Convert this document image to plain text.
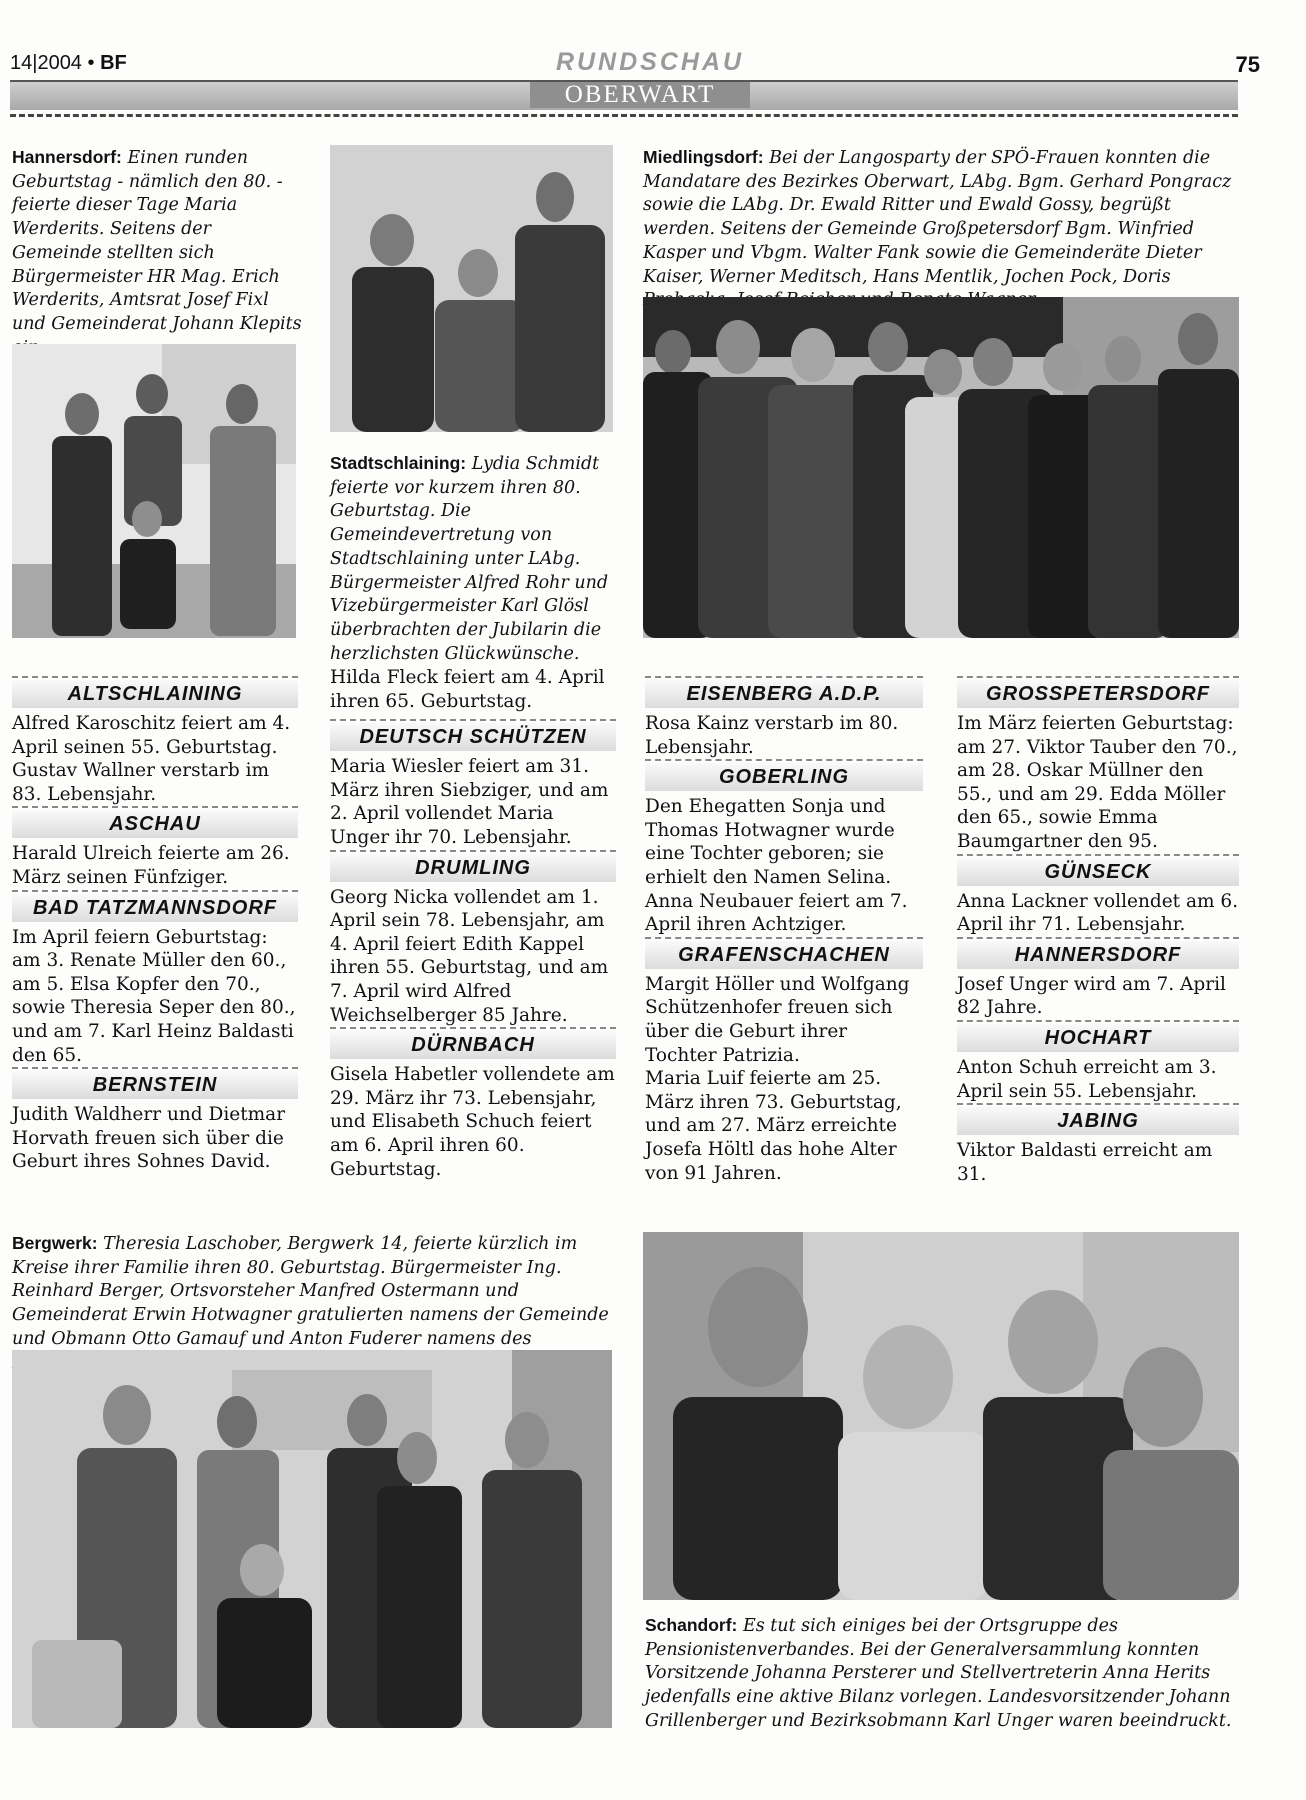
14|2004 • BF	RUNDSCHAU	75
OBERWART
Hannersdorf: Einen runden Geburtstag - nämlich den 80. - feierte dieser Tage Maria Werderits. Seitens der Gemeinde stellten sich Bürgermeister HR Mag. Erich Werderits, Amtsrat Josef Fixl und Gemeinderat Johann Klepits
Stadtschlaining: Lydia Schmidt feierte vor kurzem ihren 80. Geburtstag. Die Gemeindevertretung von Stadtschlaining unter LAbg. Bürgermeister Alfred Rohr und Vizebürgermeister Karl Glösl überbrachten der Jubilarin die herzlichsten Glückwünsche.
Miedlingsdorf: Bei der Langosparty der SPÖ-Frauen konnten die Mandatare des Bezirkes Oberwart, LAbg. Bgm. Gerhard Pongracz sowie die LAbg. Dr. Ewald Ritter und Ewald Gossy, begrüßt werden. Seitens der Gemeinde Großpetersdorf Bgm. Winfried Kasper und Vbgm. Walter Fank sowie die Gemeinderäte Dieter Kaiser, Werner Meditsch, Hans Mentlik, Jochen Pock, Doris
ALTSCHLAINING

Alfred Karoschitz feiert am 4. April seinen 55. Geburtstag.

Gustav Wallner verstarb im 83. Lebensjahr.

ASCHAU

Harald Ulreich feierte am 26. März seinen Fünfziger.

BAD TATZMANNSDORF

Im April feiern Geburtstag: am 3. Renate Müller den 60., am 5. Elsa Kopfer den 70., sowie Theresia Seper den 80., und am 7. Karl Heinz Baldasti den 65.

BERNSTEIN

Judith Waldherr und Dietmar Horvath freuen sich über die Geburt ihres Sohnes David.

Hilda Fleck feiert am 4. April ihren 65. Geburtstag.

DEUTSCH SCHÜTZEN

Maria Wiesler feiert am 31. März ihren Siebziger, und am 2. April vollendet Maria Unger ihr 70. Lebensjahr.

DRUMLING

Georg Nicka vollendet am 1. April sein 78. Lebensjahr, am 4. April feiert Edith Kappel ihren 55. Geburtstag, und am 7. April wird Alfred Weichselberger 85 Jahre.

DÜRNBACH

Gisela Habetler vollendete am 29. März ihr 73. Lebensjahr, und Elisabeth Schuch feiert am 6. April ihren 60. Geburtstag.

EISENBERG A.D.P.

Rosa Kainz verstarb im 80. Lebensjahr.

GOBERLING

Den Ehegatten Sonja und Thomas Hotwagner wurde eine Tochter geboren; sie erhielt den Namen Selina.

Anna Neubauer feiert am 7. April ihren Achtziger.

GRAFENSCHACHEN

Margit Höller und Wolfgang Schützenhofer freuen sich über die Geburt ihrer Tochter Patrizia.

Maria Luif feierte am 25. März ihren 73. Geburtstag, und am 27. März erreichte Josefa Höltl das hohe Alter von 91 Jahren.

GROSSPETERSDORF

Im März feierten Geburtstag: am 27. Viktor Tauber den 70., am 28. Oskar Müllner den 55., und am 29. Edda Möller den 65., sowie Emma Baumgartner den 95.

GÜNSECK

Anna Lackner vollendet am 6. April ihr 71. Lebensjahr.

HANNERSDORF

Josef Unger wird am 7. April 82 Jahre.

HOCHART

Anton Schuh erreicht am 3. April sein 55. Lebensjahr.

JABING

Viktor Baldasti erreicht am 31.

Bergwerk: Theresia Laschober, Bergwerk 14, feierte kürzlich im Kreise ihrer Familie ihren 80. Geburtstag. Bürgermeister Ing. Reinhard Berger, Ortsvorsteher Manfred Ostermann und Gemeinderat Erwin Hotwagner gratulierten namens der Gemeinde und Obmann Otto Gamauf und Anton Fuderer namens des
Schandorf: Es tut sich einiges bei der Ortsgruppe des Pensionistenverbandes. Bei der Generalversammlung konnten Vorsitzende Johanna Persterer und Stellvertreterin Anna Herits jedenfalls eine aktive Bilanz vorlegen. Landesvorsitzender Johann Grillenberger und Bezirksobmann Karl Unger waren beeindruckt.
